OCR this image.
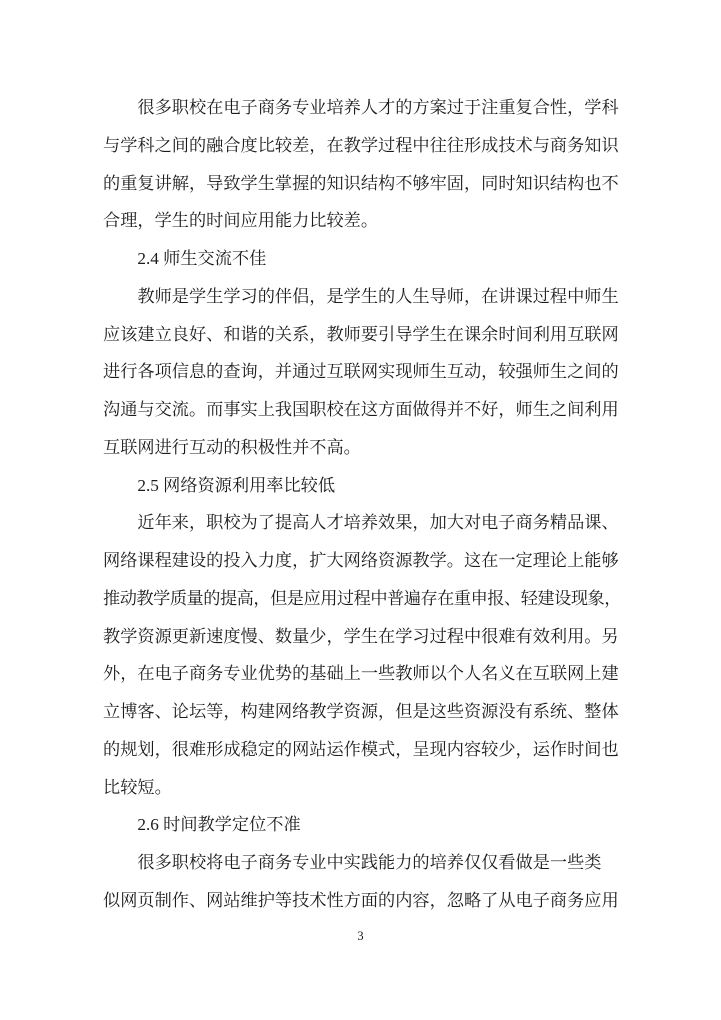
很多职校在电子商务专业培养人才的方案过于注重复合性，学科
与学科之间的融合度比较差，在教学过程中往往形成技术与商务知识
的重复讲解，导致学生掌握的知识结构不够牢固，同时知识结构也不
合理，学生的时间应用能力比较差。
2.4 师生交流不佳
教师是学生学习的伴侣，是学生的人生导师，在讲课过程中师生
应该建立良好、和谐的关系，教师要引导学生在课余时间利用互联网
进行各项信息的查询，并通过互联网实现师生互动，较强师生之间的
沟通与交流。而事实上我国职校在这方面做得并不好，师生之间利用
互联网进行互动的积极性并不高。
2.5 网络资源利用率比较低
近年来，职校为了提高人才培养效果，加大对电子商务精品课、
网络课程建设的投入力度，扩大网络资源教学。这在一定理论上能够
推动教学质量的提高，但是应用过程中普遍存在重申报、轻建设现象，
教学资源更新速度慢、数量少，学生在学习过程中很难有效利用。另
外，在电子商务专业优势的基础上一些教师以个人名义在互联网上建
立博客、论坛等，构建网络教学资源，但是这些资源没有系统、整体
的规划，很难形成稳定的网站运作模式，呈现内容较少，运作时间也
比较短。
2.6 时间教学定位不准
很多职校将电子商务专业中实践能力的培养仅仅看做是一些类
似网页制作、网站维护等技术性方面的内容，忽略了从电子商务应用
3
